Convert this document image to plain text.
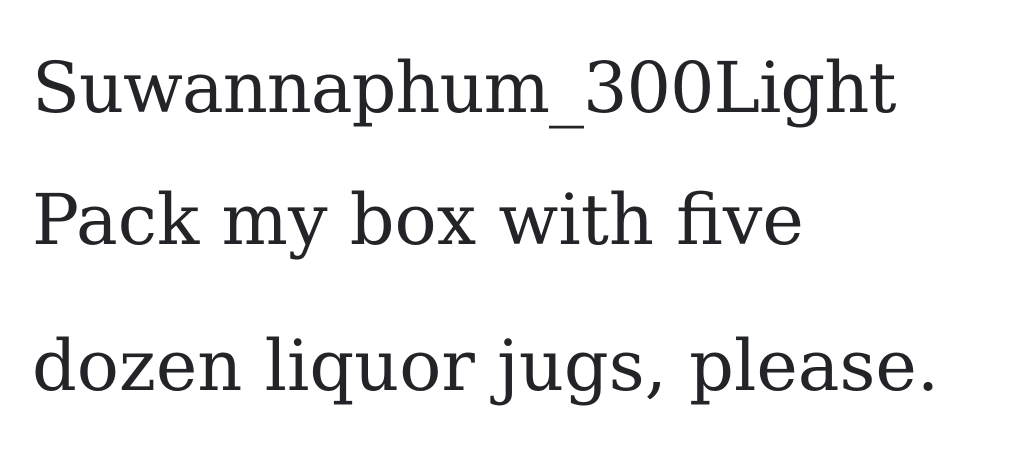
Suwannaphum_300Light
Pack my box with five
dozen liquor jugs, please.
